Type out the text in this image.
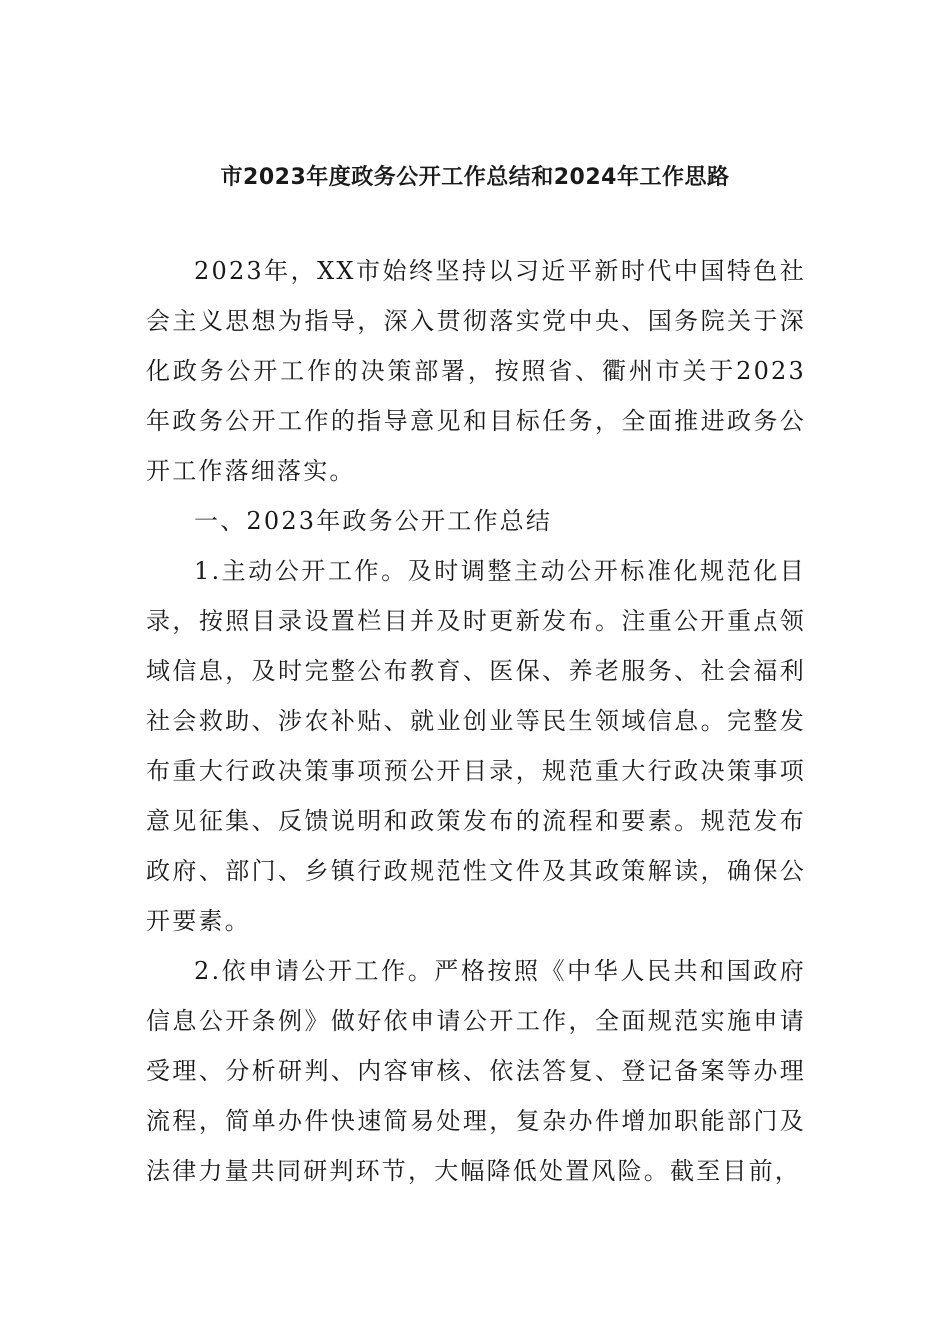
市2023年度政务公开工作总结和2024年工作思路

2023年，XX市始终坚持以习近平新时代中国特色社会主义思想为指导，深入贯彻落实党中央、国务院关于深化政务公开工作的决策部署，按照省、衢州市关于2023年政务公开工作的指导意见和目标任务，全面推进政务公开工作落细落实。

一、2023年政务公开工作总结

1.主动公开工作。及时调整主动公开标准化规范化目录，按照目录设置栏目并及时更新发布。注重公开重点领域信息，及时完整公布教育、医保、养老服务、社会福利社会救助、涉农补贴、就业创业等民生领域信息。完整发布重大行政决策事项预公开目录，规范重大行政决策事项意见征集、反馈说明和政策发布的流程和要素。规范发布政府、部门、乡镇行政规范性文件及其政策解读，确保公开要素。

2.依申请公开工作。严格按照《中华人民共和国政府信息公开条例》做好依申请公开工作，全面规范实施申请受理、分析研判、内容审核、依法答复、登记备案等办理流程，简单办件快速简易处理，复杂办件增加职能部门及法律力量共同研判环节，大幅降低处置风险。截至目前，
